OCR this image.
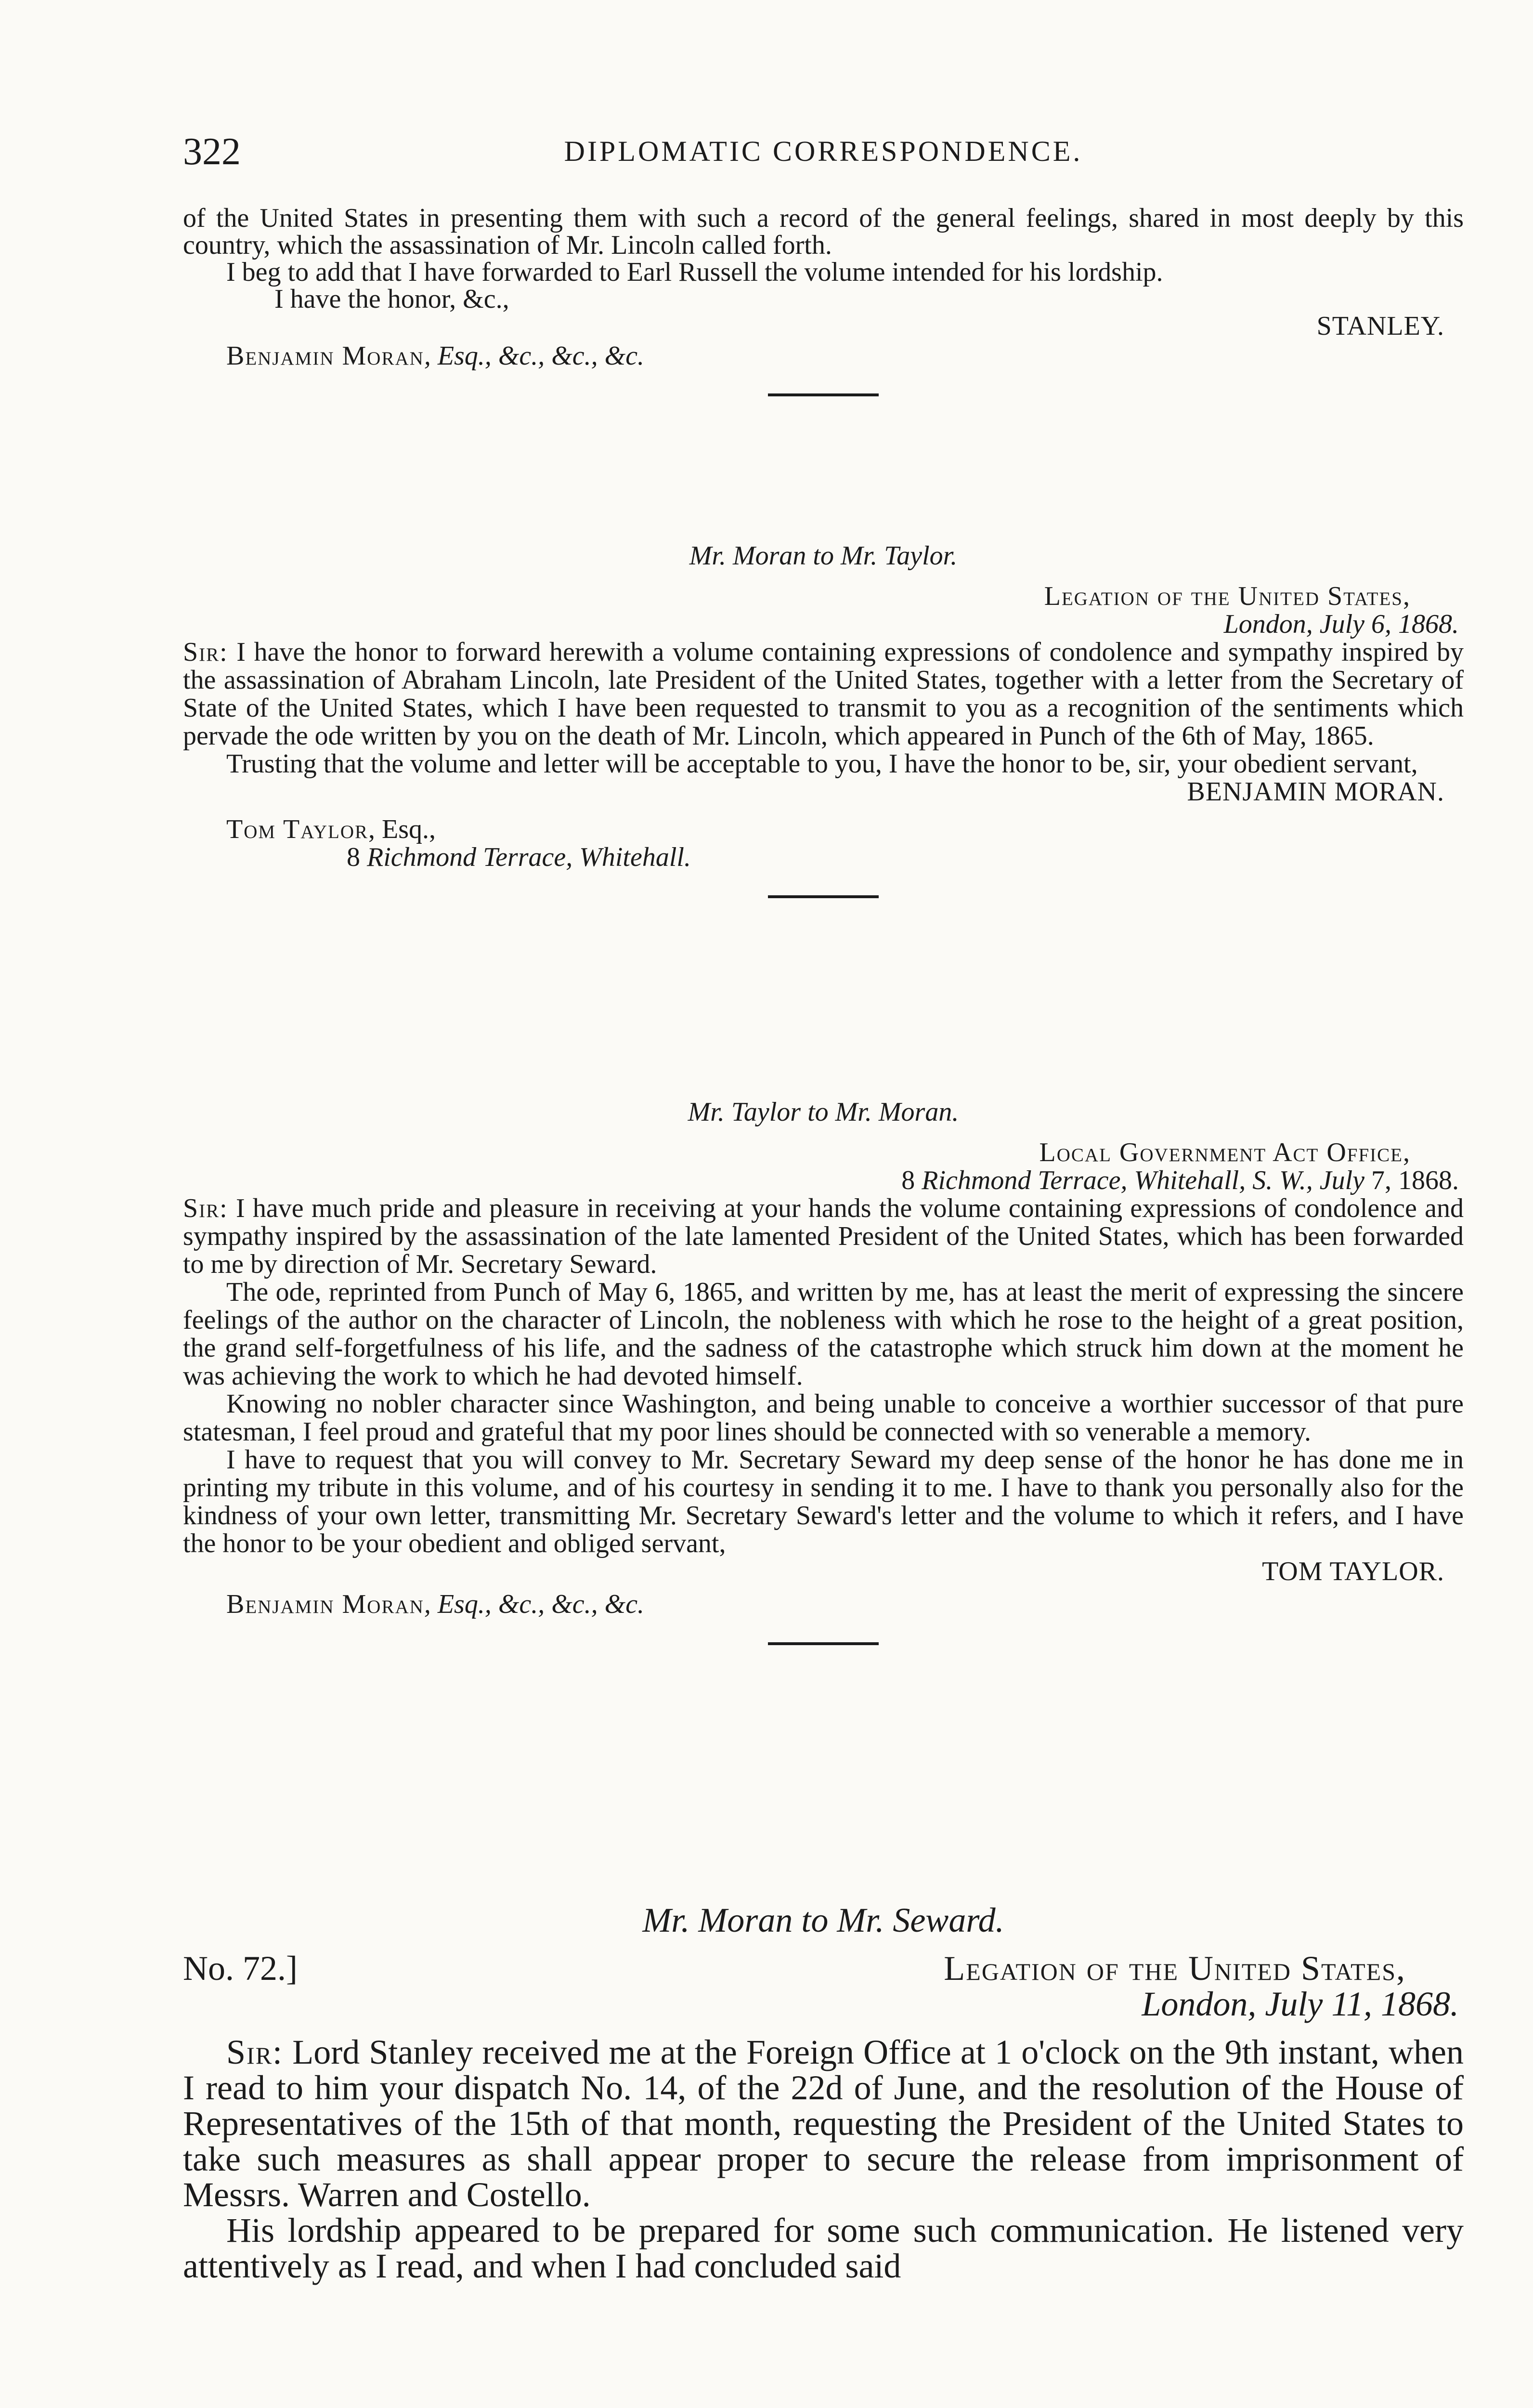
322	DIPLOMATIC CORRESPONDENCE.

of the United States in presenting them with such a record of the general feelings, shared in most deeply by this country, which the assassination of Mr. Lincoln called forth.

I beg to add that I have forwarded to Earl Russell the volume intended for his lordship.

I have the honor, &c.,

STANLEY.

Benjamin Moran, Esq., &c., &c., &c.

Mr. Moran to Mr. Taylor.

Legation of the United States,

London, July 6, 1868.

Sir: I have the honor to forward herewith a volume containing expressions of condolence and sympathy inspired by the assassination of Abraham Lincoln, late President of the United States, together with a letter from the Secretary of State of the United States, which I have been requested to transmit to you as a recognition of the sentiments which pervade the ode written by you on the death of Mr. Lincoln, which appeared in Punch of the 6th of May, 1865.

Trusting that the volume and letter will be acceptable to you, I have the honor to be, sir, your obedient servant,

BENJAMIN MORAN.

Tom Taylor, Esq.,

8 Richmond Terrace, Whitehall.

Mr. Taylor to Mr. Moran.

Local Government Act Office,

8 Richmond Terrace, Whitehall, S. W., July 7, 1868.

Sir: I have much pride and pleasure in receiving at your hands the volume containing expressions of condolence and sympathy inspired by the assassination of the late lamented President of the United States, which has been forwarded to me by direction of Mr. Secretary Seward.

The ode, reprinted from Punch of May 6, 1865, and written by me, has at least the merit of expressing the sincere feelings of the author on the character of Lincoln, the nobleness with which he rose to the height of a great position, the grand self-forgetfulness of his life, and the sadness of the catastrophe which struck him down at the moment he was achieving the work to which he had devoted himself.

Knowing no nobler character since Washington, and being unable to conceive a worthier successor of that pure statesman, I feel proud and grateful that my poor lines should be connected with so venerable a memory.

I have to request that you will convey to Mr. Secretary Seward my deep sense of the honor he has done me in printing my tribute in this volume, and of his courtesy in sending it to me. I have to thank you personally also for the kindness of your own letter, transmitting Mr. Secretary Seward's letter and the volume to which it refers, and I have the honor to be your obedient and obliged servant,

TOM TAYLOR.

Benjamin Moran, Esq., &c., &c., &c.

Mr. Moran to Mr. Seward.

No. 72.]	Legation of the United States,

London, July 11, 1868.

Sir: Lord Stanley received me at the Foreign Office at 1 o'clock on the 9th instant, when I read to him your dispatch No. 14, of the 22d of June, and the resolution of the House of Representatives of the 15th of that month, requesting the President of the United States to take such measures as shall appear proper to secure the release from imprisonment of Messrs. Warren and Costello.

His lordship appeared to be prepared for some such communication. He listened very attentively as I read, and when I had concluded said
